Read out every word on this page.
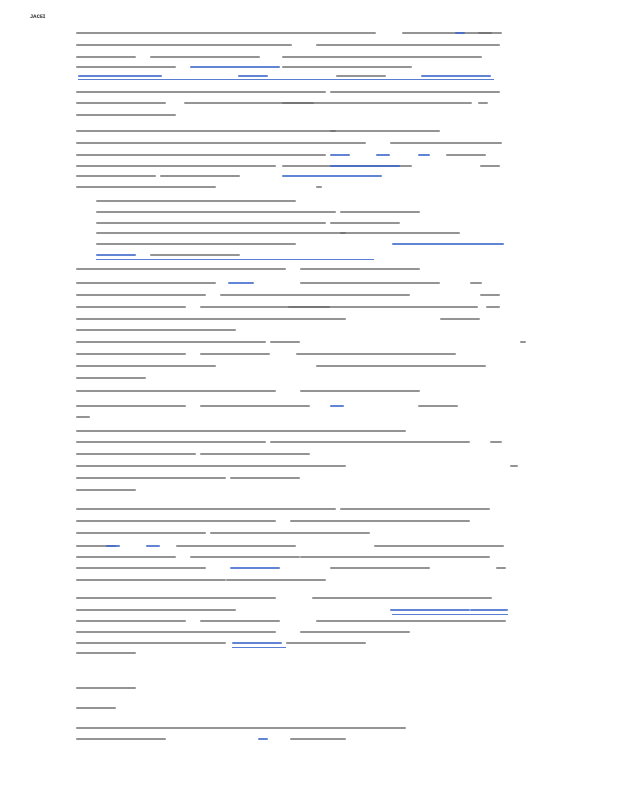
ᴊᴀᴄᴇɪ
